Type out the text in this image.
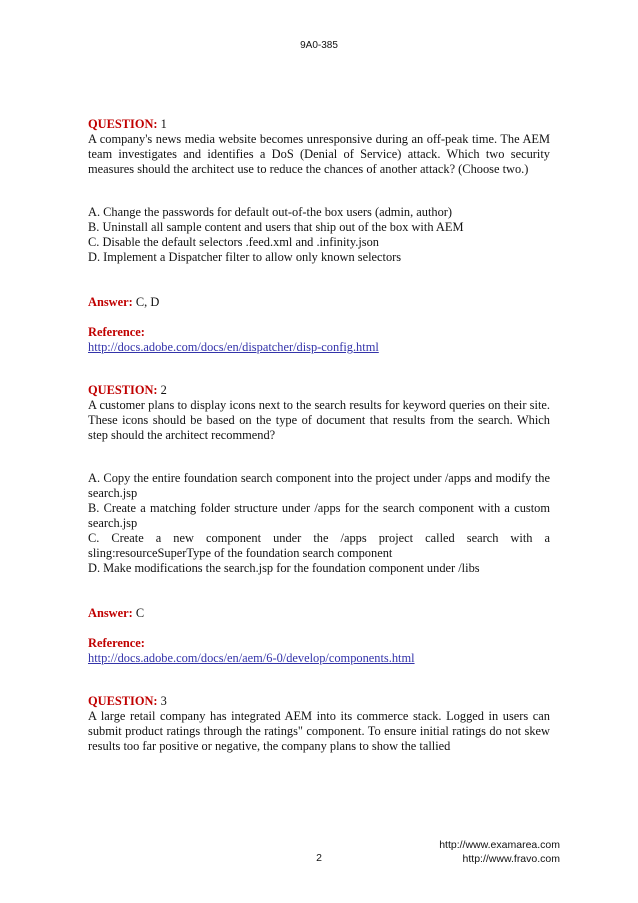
9A0-385
QUESTION: 1

A company's news media website becomes unresponsive during an off-peak time. The AEM team investigates and identifies a DoS (Denial of Service) attack. Which two security measures should the architect use to reduce the chances of another attack? (Choose two.)

A. Change the passwords for default out-of-the box users (admin, author)
B. Uninstall all sample content and users that ship out of the box with AEM
C. Disable the default selectors .feed.xml and .infinity.json
D. Implement a Dispatcher filter to allow only known selectors
Answer: C, D
Reference:
http://docs.adobe.com/docs/en/dispatcher/disp-config.html
QUESTION: 2

A customer plans to display icons next to the search results for keyword queries on their site. These icons should be based on the type of document that results from the search. Which step should the architect recommend?

A. Copy the entire foundation search component into the project under /apps and modify the search.jsp
B. Create a matching folder structure under /apps for the search component with a custom search.jsp
C. Create a new component under the /apps project called search with a sling:resourceSuperType of the foundation search component
D. Make modifications the search.jsp for the foundation component under /libs
Answer: C
Reference:
http://docs.adobe.com/docs/en/aem/6-0/develop/components.html
QUESTION: 3

A large retail company has integrated AEM into its commerce stack. Logged in users can submit product ratings through the ratings" component. To ensure initial ratings do not skew results too far positive or negative, the company plans to show the tallied

http://www.examarea.com
http://www.fravo.com
2
